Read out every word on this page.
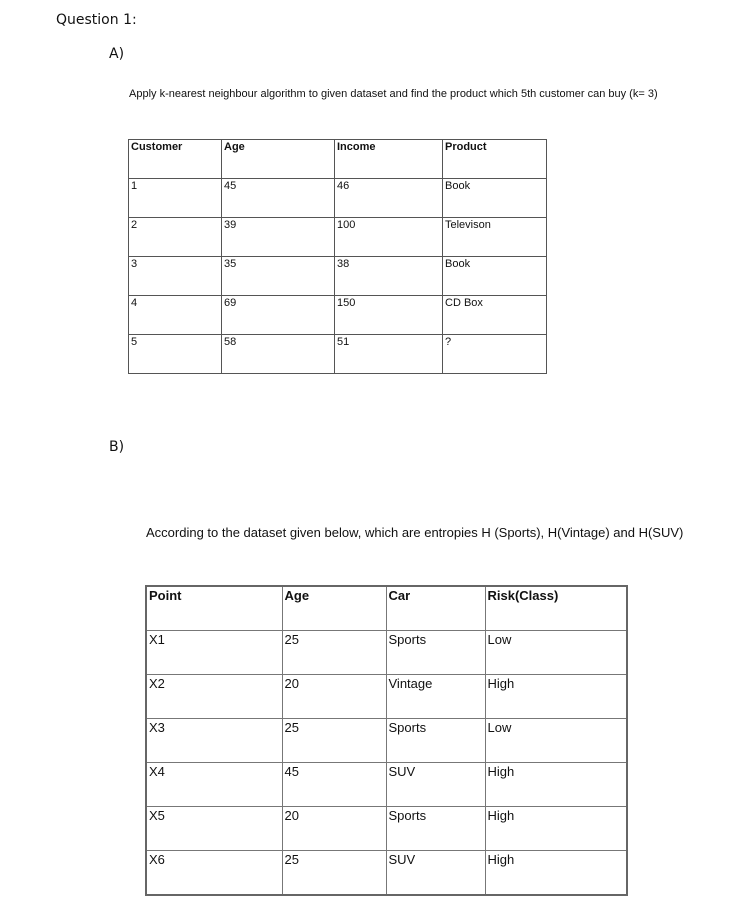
Question 1:
A)
Apply k-nearest neighbour algorithm to given dataset and find the product which 5th customer can buy (k= 3)
Customer	Age	Income	Product
1	45	46	Book
2	39	100	Televison
3	35	38	Book
4	69	150	CD Box
5	58	51	?
B)
According to the dataset given below, which are entropies H (Sports), H(Vintage) and H(SUV)
Point	Age	Car	Risk(Class)
X1	25	Sports	Low
X2	20	Vintage	High
X3	25	Sports	Low
X4	45	SUV	High
X5	20	Sports	High
X6	25	SUV	High
